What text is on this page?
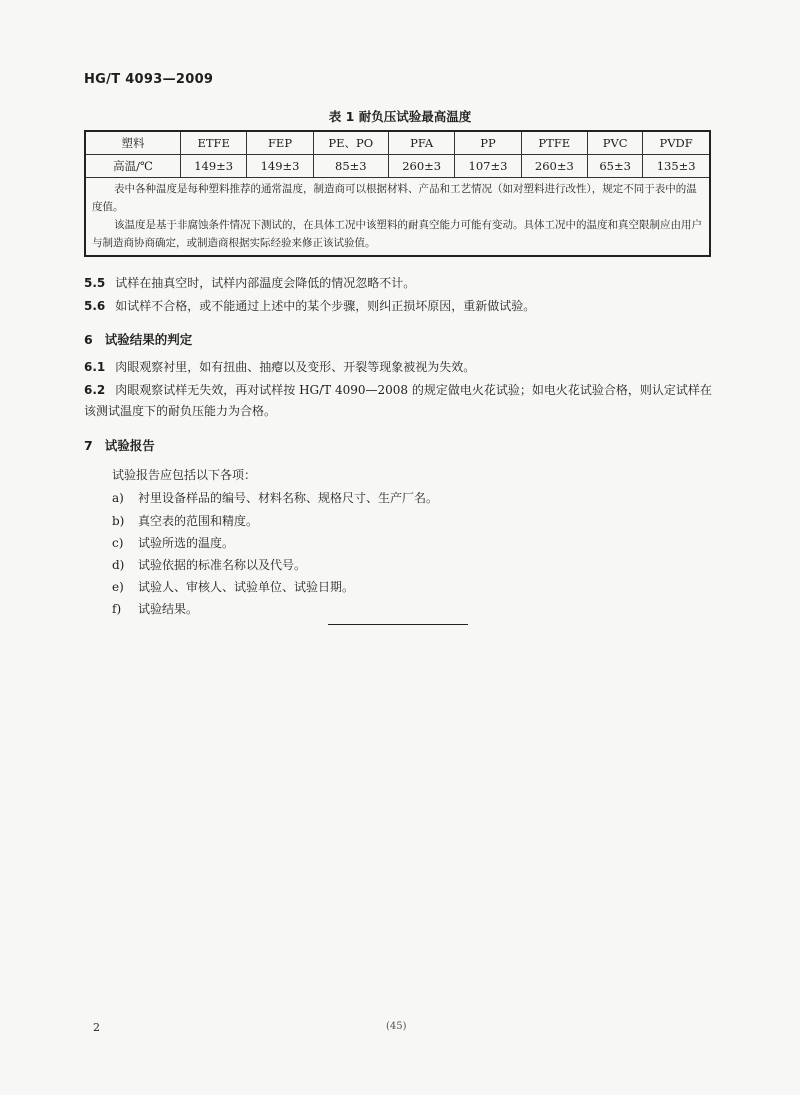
HG/T 4093—2009
表 1 耐负压试验最高温度
塑料	ETFE	FEP	PE、PO	PFA	PP	PTFE	PVC	PVDF
高温/℃	149±3	149±3	85±3	260±3	107±3	260±3	65±3	135±3

表中各种温度是每种塑料推荐的通常温度，制造商可以根据材料、产品和工艺情况（如对塑料进行改性），规定不同于表中的温度值。

该温度是基于非腐蚀条件情况下测试的，在具体工况中该塑料的耐真空能力可能有变动。具体工况中的温度和真空限制应由用户与制造商协商确定，或制造商根据实际经验来修正该试验值。								

5.5 试样在抽真空时，试样内部温度会降低的情况忽略不计。
5.6 如试样不合格，或不能通过上述中的某个步骤，则纠正损坏原因，重新做试验。
6 试验结果的判定
6.1 肉眼观察衬里，如有扭曲、抽瘪以及变形、开裂等现象被视为失效。
6.2 肉眼观察试样无失效，再对试样按 HG/T 4090—2008 的规定做电火花试验；如电火花试验合格，则认定试样在该测试温度下的耐负压能力为合格。
7 试验报告
试验报告应包括以下各项：
a) 衬里设备样品的编号、材料名称、规格尺寸、生产厂名。
b) 真空表的范围和精度。
c) 试验所选的温度。
d) 试验依据的标准名称以及代号。
e) 试验人、审核人、试验单位、试验日期。
f) 试验结果。
2	(45)
